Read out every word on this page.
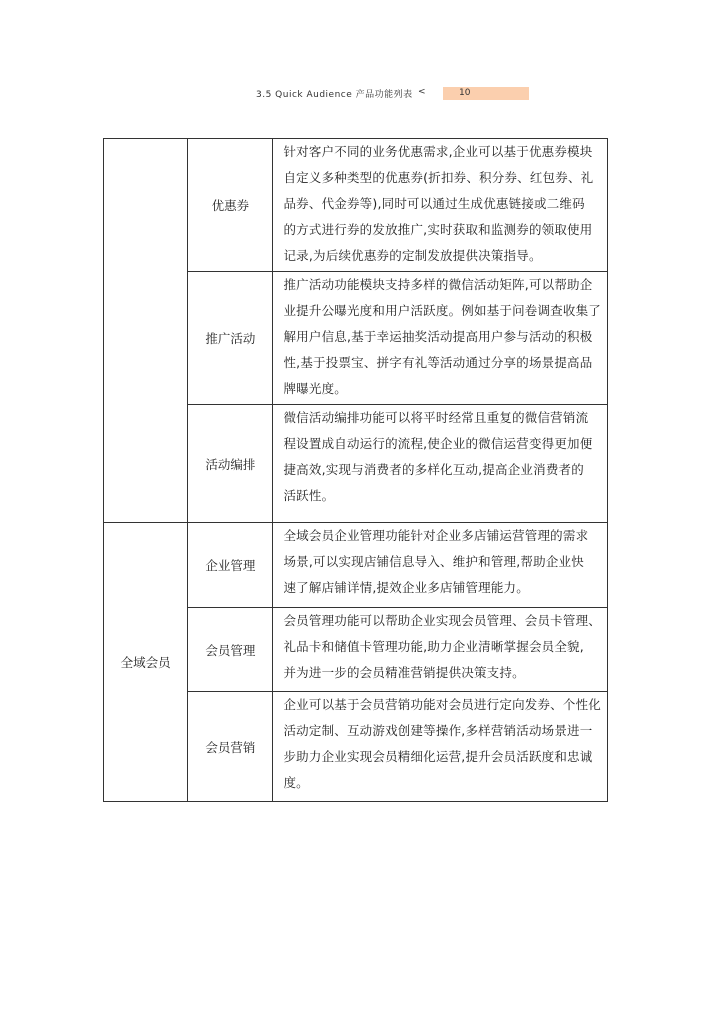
3.5 Quick Audience 产品功能列表 <	10
	优惠券	针对客户不同的业务优惠需求,企业可以基于优惠券模块
自定义多种类型的优惠券(折扣券、积分券、红包券、礼
品券、代金券等),同时可以通过生成优惠链接或二维码
的方式进行券的发放推广,实时获取和监测券的领取使用
记录,为后续优惠券的定制发放提供决策指导。

	推广活动	推广活动功能模块支持多样的微信活动矩阵,可以帮助企
业提升公曝光度和用户活跃度。例如基于问卷调查收集了
解用户信息,基于幸运抽奖活动提高用户参与活动的积极
性,基于投票宝、拼字有礼等活动通过分享的场景提高品
牌曝光度。

	活动编排	微信活动编排功能可以将平时经常且重复的微信营销流
程设置成自动运行的流程,使企业的微信运营变得更加便
捷高效,实现与消费者的多样化互动,提高企业消费者的
活跃性。

全域会员	企业管理	全域会员企业管理功能针对企业多店铺运营管理的需求
场景,可以实现店铺信息导入、维护和管理,帮助企业快
速了解店铺详情,提效企业多店铺管理能力。

	会员管理	会员管理功能可以帮助企业实现会员管理、会员卡管理、
礼品卡和储值卡管理功能,助力企业清晰掌握会员全貌,
并为进一步的会员精准营销提供决策支持。

	会员营销	企业可以基于会员营销功能对会员进行定向发券、个性化
活动定制、互动游戏创建等操作,多样营销活动场景进一
步助力企业实现会员精细化运营,提升会员活跃度和忠诚
度。
